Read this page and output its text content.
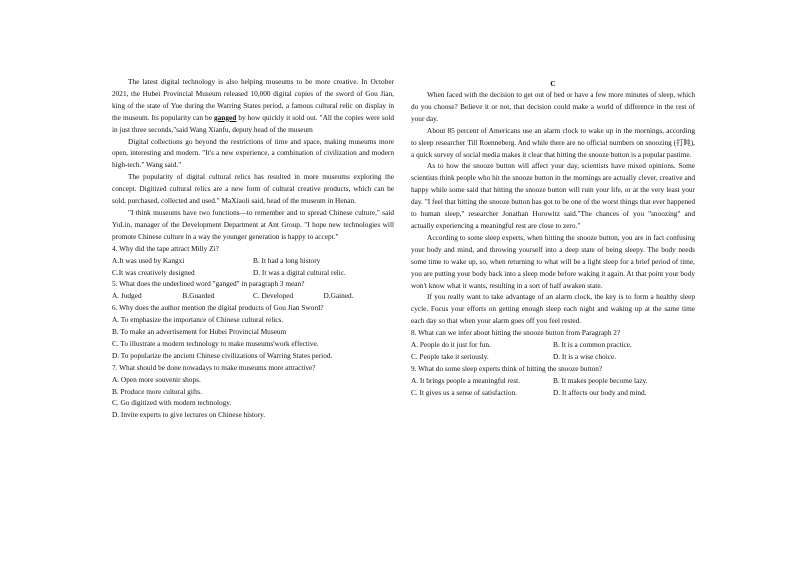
The latest digital technology is also helping museums to be more creative. In October 2021, the Hubei Provincial Museum released 10,000 digital copies of the sword of Gou Jian, king of the state of Yue during the Warring States period, a famous cultural relic on display in the museum. Its popularity can be ganged by how quickly it sold out. "All the copies were sold in just three seconds,"said Wang Xianfu, deputy head of the museum

Digital collections go beyond the restrictions of time and space, making museums more open, interesting and modern. "It's a new experience, a combination of civilization and modern high-tech." Wang said."

The popularity of digital cultural relics has resulted in more museums exploring the concept. Digitized cultural relics are a new form of cultural creative products, which can be sold, purchased, collected and used." MaXiaoli said, head of the museum in Henan.

"I think museums have two functions—to remember and to spread Chinese culture," said YuLin, manager of the Development Department at Ant Group. "I hope new technologies will promote Chinese culture in a way the younger generation is happy to accept."

4. Why did the tape attract Milly Zi?
A.It was used by Kangxi	B. It had a long history
C.It was creatively designed	D. It was a digital cultural relic.
5. What does the underlined word "ganged" in paragraph 3 mean?
A. Judged	B.Guarded	C. Developed	D.Gained.
6. Why does the author mention the digital products of Gou Jian Sword?
A. To emphasize the importance of Chinese cultural relics.
B. To make an advertisement for Hubei Provincial Museum
C. To illustrate a modern technology to make museums'work effective.
D. To popularize the ancient Chinese civilizations of Warring States period.
7. What should be done nowadays to make museums more attractive?
A. Open more souvenir shops.
B. Produce more cultural gifts.
C. Go digitized with modern technology.
D. Invite experts to give lectures on Chinese history.
C

When faced with the decision to get out of bed or have a few more minutes of sleep, which do you choose? Believe it or not, that decision could make a world of difference in the rest of your day.

About 85 percent of Americans use an alarm clock to wake up in the mornings, according to sleep researcher Till Roenneberg. And while there are no official numbers on snoozing (打盹), a quick survey of social media makes it clear that hitting the snooze button is a popular pastime.

As to how the snooze button will affect your day, scientists have mixed opinions. Some scientists think people who hit the snooze button in the mornings are actually clever, creative and happy while some said that hitting the snooze button will ruin your life, or at the very least your day. "I feel that hitting the snooze button has got to be one of the worst things that ever happened to human sleep," researcher Jonathan Horowitz said."The chances of you "snoozing" and actually experiencing a meaningful rest are close to zero."

According to some sleep experts, when hitting the snooze button, you are in fact confusing your body and mind, and throwing yourself into a deep state of being sleepy. The body needs some time to wake up, so, when returning to what will be a light sleep for a brief period of time, you are putting your body back into a sleep mode before waking it again. At that point your body won't know what it wants, resulting in a sort of half awaken state.

If you really want to take advantage of an alarm clock, the key is to form a healthy sleep cycle. Focus your efforts on getting enough sleep each night and waking up at the same time each day so that when your alarm goes off you feel rested.

8. What can we infer about hitting the snooze button from Paragraph 2?
A. People do it just for fun.	B. It is a common practice.
C. People take it seriously.	D. It is a wise choice.
9. What do some sleep experts think of hitting the snooze button?
A. It brings people a meaningful rest.	B. It makes people become lazy.
C. It gives us a sense of satisfaction.	D. It affects our body and mind.
